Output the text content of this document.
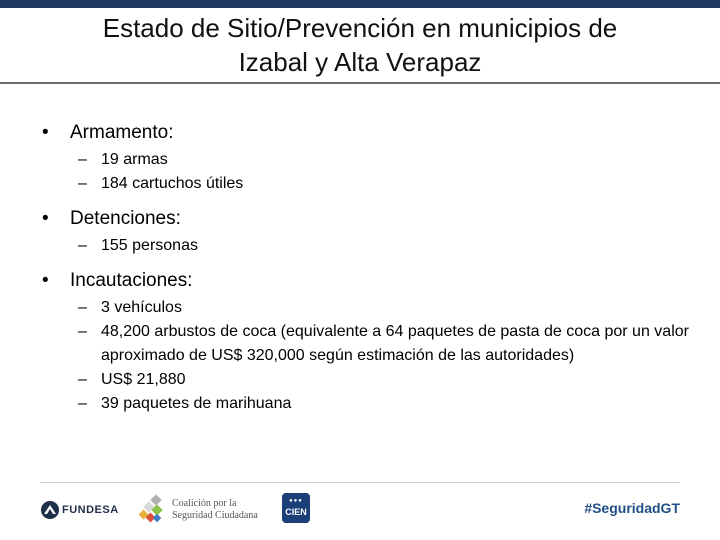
Estado de Sitio/Prevención en municipios de
Izabal y Alta Verapaz
• Armamento:
– 19 armas
– 184 cartuchos útiles
• Detenciones:
– 155 personas
• Incautaciones:
– 3 vehículos
– 48,200 arbustos de coca (equivalente a 64 paquetes de pasta de coca por un valor aproximado de US$ 320,000 según estimación de las autoridades)
– US$ 21,880
– 39 paquetes de marihuana
FUNDESA
Coalición por la
Seguridad Ciudadana
●●●
CIEN	#SeguridadGT
